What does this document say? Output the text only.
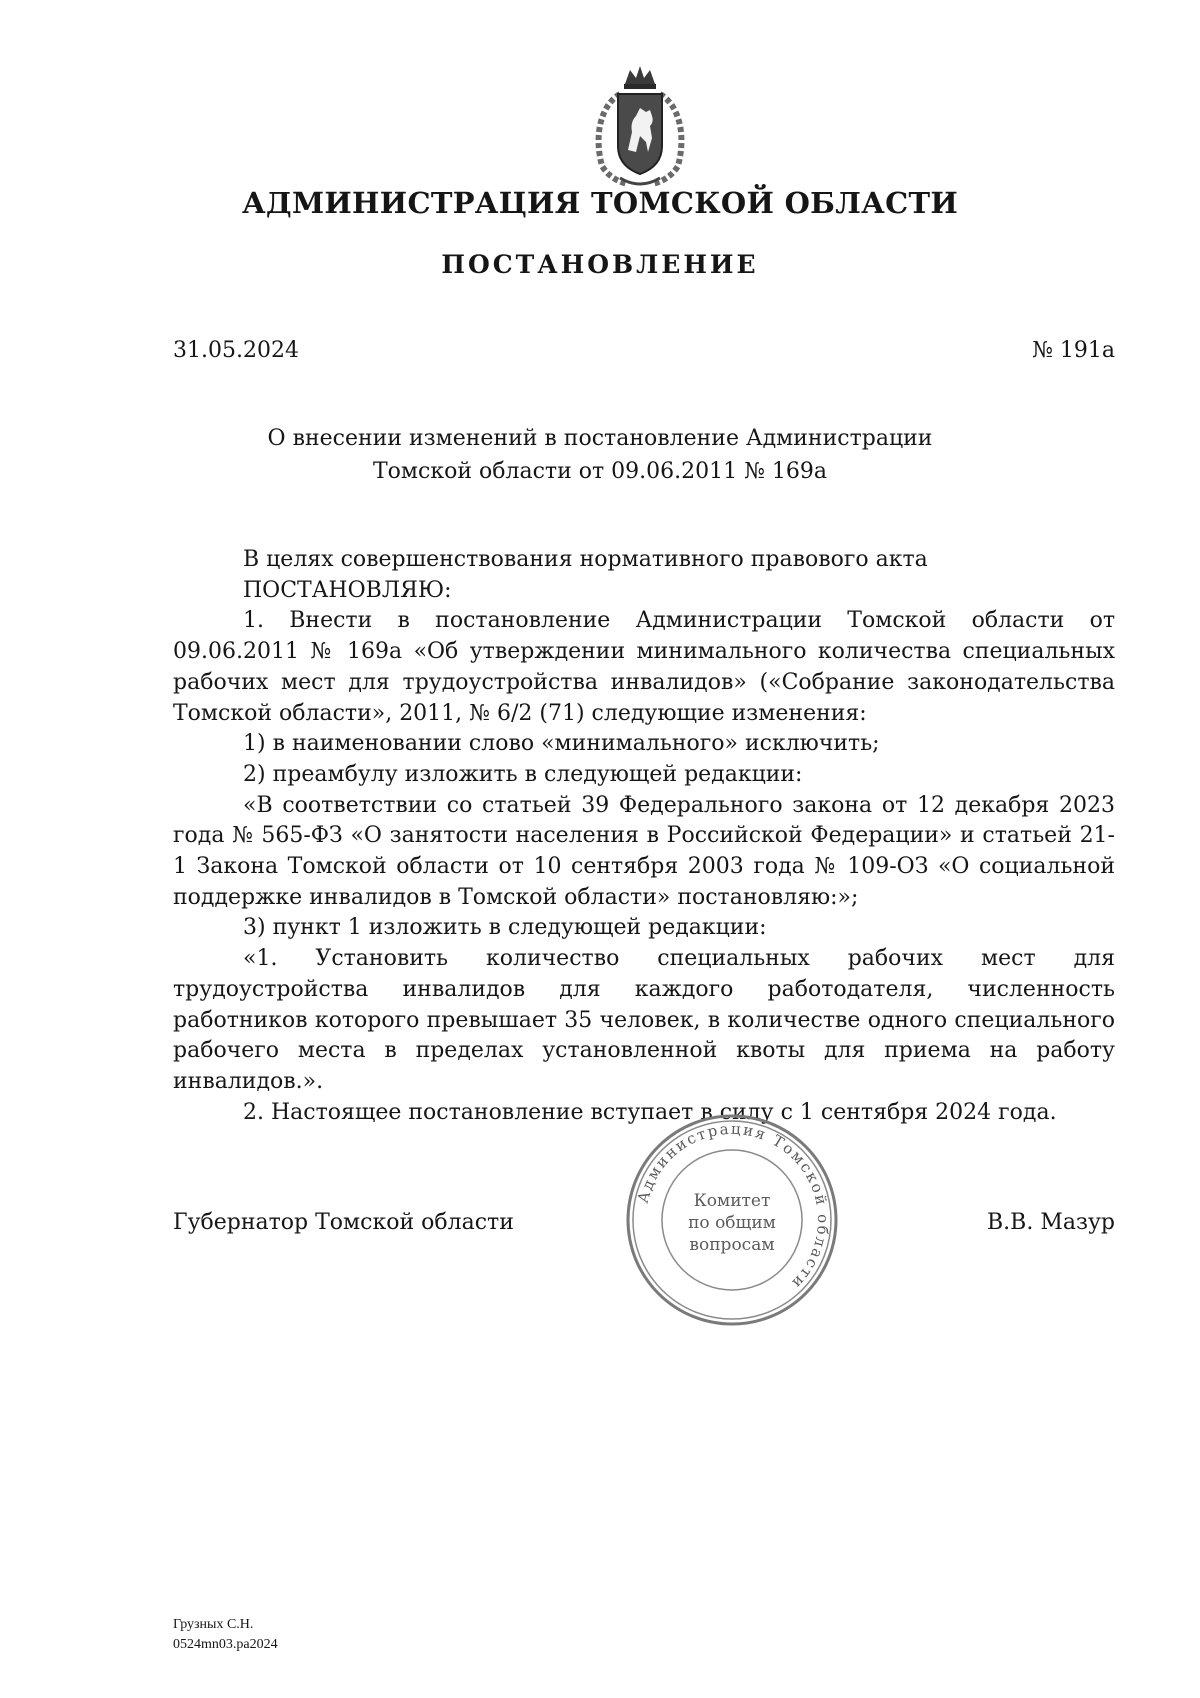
АДМИНИСТРАЦИЯ ТОМСКОЙ ОБЛАСТИ
ПОСТАНОВЛЕНИЕ
31.05.2024	№ 191а
О внесении изменений в постановление Администрации
Томской области от 09.06.2011 № 169а

В целях совершенствования нормативного правового акта

ПОСТАНОВЛЯЮ:

1. Внести в постановление Администрации Томской области от 09.06.2011 № 169а «Об утверждении минимального количества специальных рабочих мест для трудоустройства инвалидов» («Собрание законодательства Томской области», 2011, № 6/2 (71) следующие изменения:

1) в наименовании слово «минимального» исключить;

2) преамбулу изложить в следующей редакции:

«В соответствии со статьей 39 Федерального закона от 12 декабря 2023 года № 565-ФЗ «О занятости населения в Российской Федерации» и статьей 21-1 Закона Томской области от 10 сентября 2003 года № 109-ОЗ «О социальной поддержке инвалидов в Томской области» постановляю:»;

3) пункт 1 изложить в следующей редакции:

«1. Установить количество специальных рабочих мест для трудоустройства инвалидов для каждого работодателя, численность работников которого превышает 35 человек, в количестве одного специального рабочего места в пределах установленной квоты для приема на работу инвалидов.».

2. Настоящее постановление вступает в силу с 1 сентября 2024 года.

Губернатор Томской области	В.В. Мазур
Администрация Томской области
Комитет
по общим
вопросам
Грузных С.Н.
0524mn03.pa2024
